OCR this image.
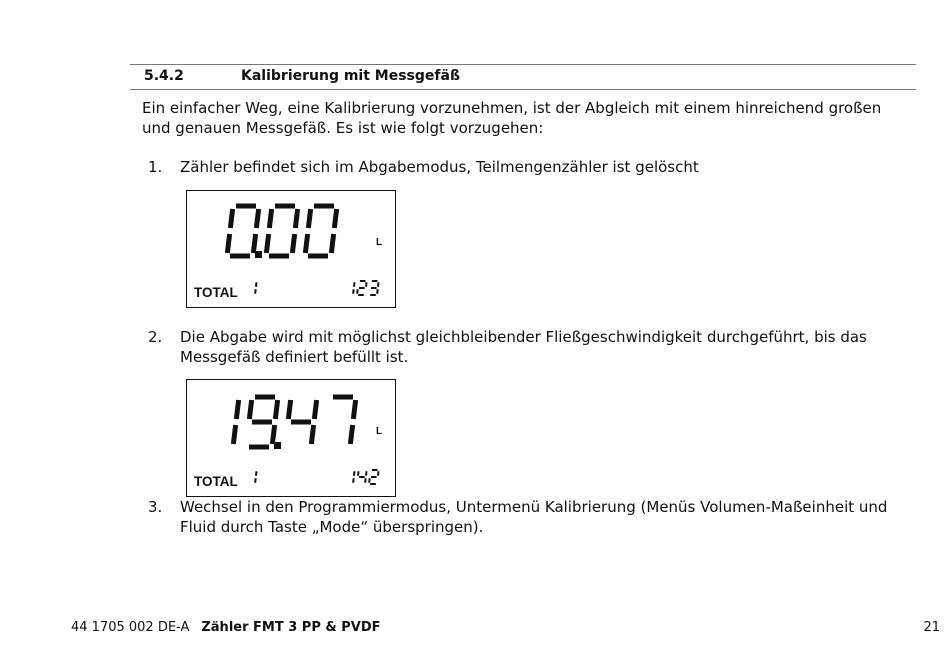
5.4.2	Kalibrierung mit Messgefäß

Ein einfacher Weg, eine Kalibrierung vorzunehmen, ist der Abgleich mit einem hinreichend großen und genauen Messgefäß. Es ist wie folgt vorzugehen:

1. Zähler befindet sich im Abgabemodus, Teilmengenzähler ist gelöscht
L
TOTAL
2. Die Abgabe wird mit möglichst gleichbleibender Fließgeschwindigkeit durchgeführt, bis das Messgefäß definiert befüllt ist.
L
TOTAL
3. Wechsel in den Programmiermodus, Untermenü Kalibrierung (Menüs Volumen-Maßeinheit und Fluid durch Taste „Mode“ überspringen).
44 1705 002 DE-A Zähler FMT 3 PP & PVDF	21
